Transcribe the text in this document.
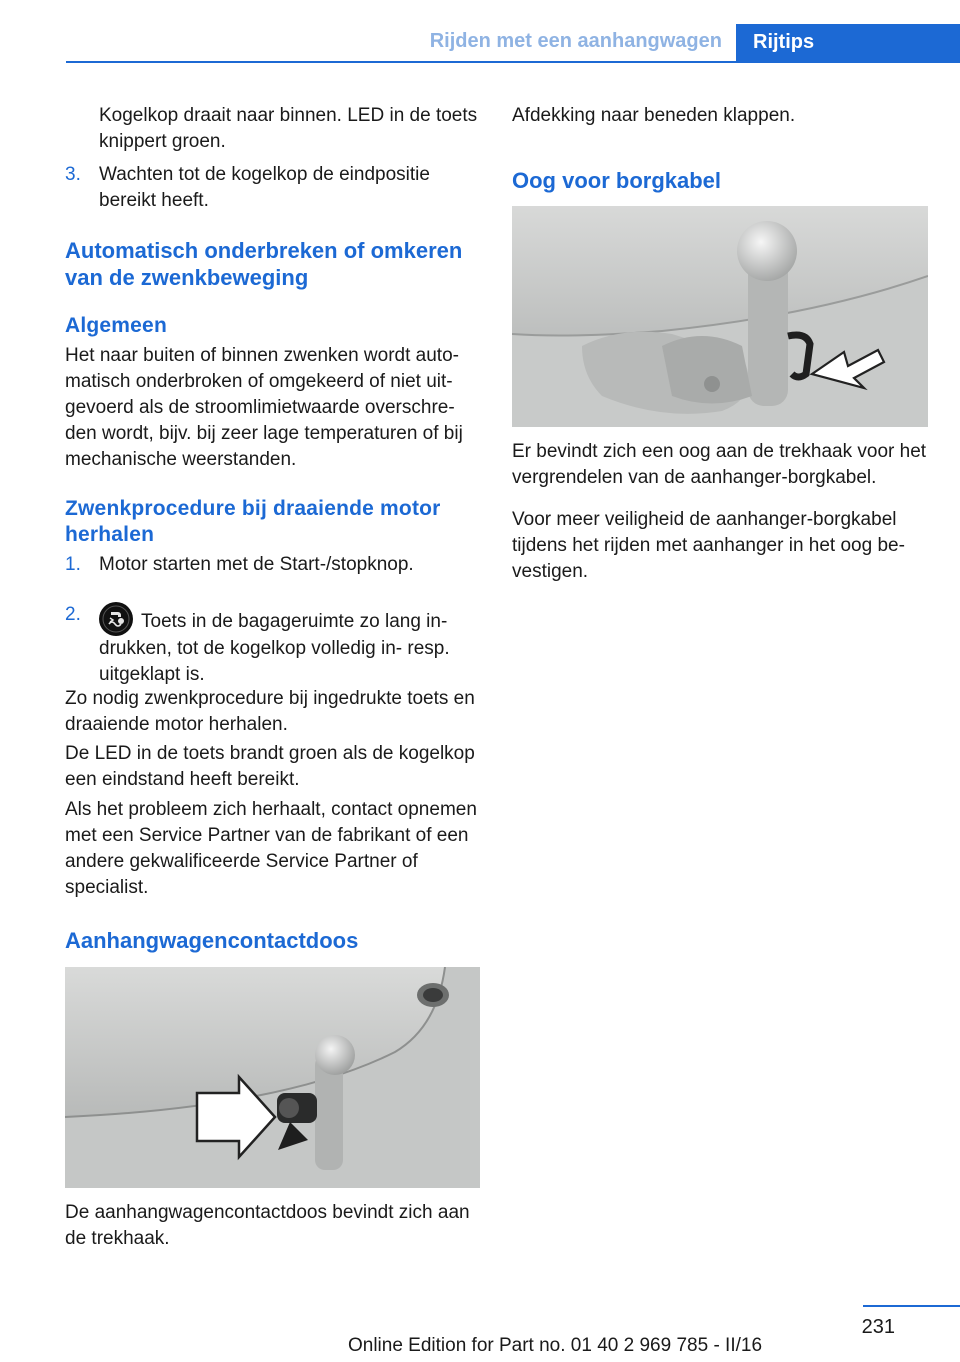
Rijden met een aanhangwagen	Rijtips

Kogelkop draait naar binnen. LED in de toets knippert groen.

3. Wachten tot de kogelkop de eindpositie bereikt heeft.
Automatisch onderbreken of omkeren
van de zwenkbeweging
Algemeen

Het naar buiten of binnen zwenken wordt automatisch onderbroken of omgekeerd of niet uitgevoerd als de stroomlimietwaarde overschreden wordt, bijv. bij zeer lage temperaturen of bij mechanische weerstanden.

Zwenkprocedure bij draaiende motor
herhalen
1. Motor starten met de Start-/stopknop.
2.	Toets in de bagageruimte zo lang indrukken, tot de kogelkop volledig in- resp. uitgeklapt is.

Zo nodig zwenkprocedure bij ingedrukte toets en draaiende motor herhalen.

De LED in de toets brandt groen als de kogelkop een eindstand heeft bereikt.

Als het probleem zich herhaalt, contact opnemen met een Service Partner van de fabrikant of een andere gekwalificeerde Service Partner of specialist.

Aanhangwagencontactdoos

De aanhangwagencontactdoos bevindt zich aan de trekhaak.

Afdekking naar beneden klappen.

Oog voor borgkabel

Er bevindt zich een oog aan de trekhaak voor het vergrendelen van de aanhanger-borgkabel.

Voor meer veiligheid de aanhanger-borgkabel tijdens het rijden met aanhanger in het oog bevestigen.

231
Online Edition for Part no. 01 40 2 969 785 - II/16
